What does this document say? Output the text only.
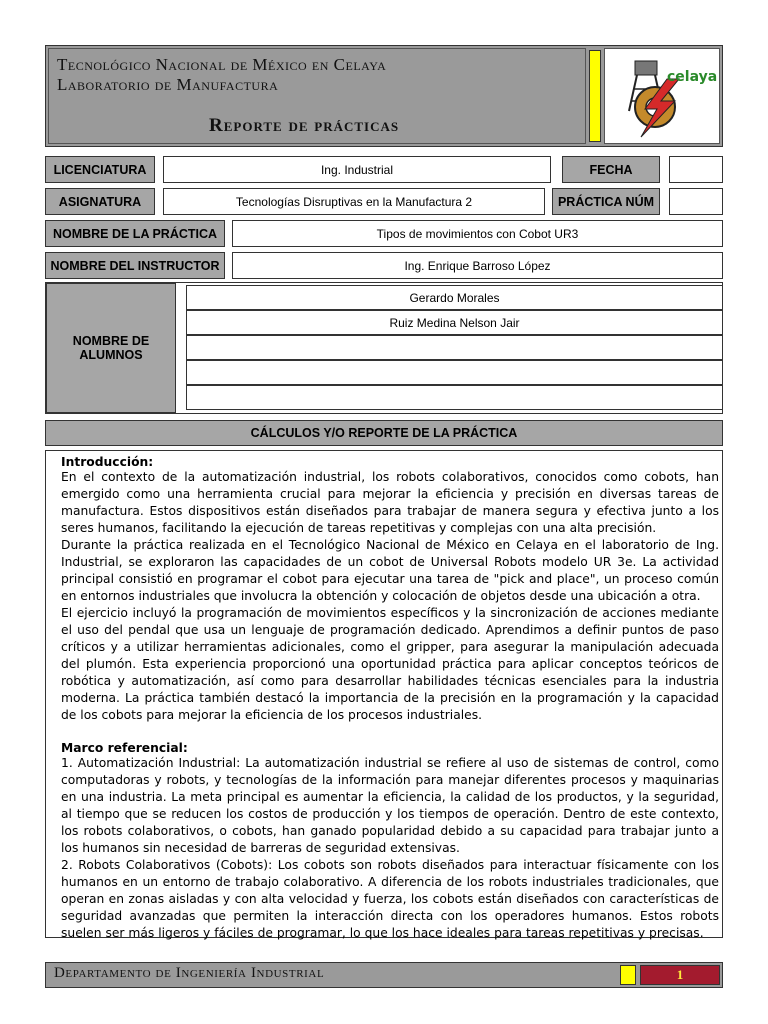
Tecnológico Nacional de México en Celaya
Laboratorio de Manufactura
Reporte de prácticas
celaya
LICENCIATURA	Ing. Industrial	FECHA
ASIGNATURA	Tecnologías Disruptivas en la Manufactura 2	PRÁCTICA NÚM
NOMBRE DE LA PRÁCTICA	Tipos de movimientos con Cobot UR3
NOMBRE DEL INSTRUCTOR	Ing. Enrique Barroso López
NOMBRE DE ALUMNOS
Gerardo Morales
Ruiz Medina Nelson Jair
CÁLCULOS Y/O REPORTE DE LA PRÁCTICA
Introducción:

En el contexto de la automatización industrial, los robots colaborativos, conocidos como cobots, han emergido como una herramienta crucial para mejorar la eficiencia y precisión en diversas tareas de manufactura. Estos dispositivos están diseñados para trabajar de manera segura y efectiva junto a los seres humanos, facilitando la ejecución de tareas repetitivas y complejas con una alta precisión.

Durante la práctica realizada en el Tecnológico Nacional de México en Celaya en el laboratorio de Ing. Industrial, se exploraron las capacidades de un cobot de Universal Robots modelo UR 3e. La actividad principal consistió en programar el cobot para ejecutar una tarea de "pick and place", un proceso común en entornos industriales que involucra la obtención y colocación de objetos desde una ubicación a otra.

El ejercicio incluyó la programación de movimientos específicos y la sincronización de acciones mediante el uso del pendal que usa un lenguaje de programación dedicado. Aprendimos a definir puntos de paso críticos y a utilizar herramientas adicionales, como el gripper, para asegurar la manipulación adecuada del plumón. Esta experiencia proporcionó una oportunidad práctica para aplicar conceptos teóricos de robótica y automatización, así como para desarrollar habilidades técnicas esenciales para la industria moderna. La práctica también destacó la importancia de la precisión en la programación y la capacidad de los cobots para mejorar la eficiencia de los procesos industriales.

Marco referencial:

1. Automatización Industrial: La automatización industrial se refiere al uso de sistemas de control, como computadoras y robots, y tecnologías de la información para manejar diferentes procesos y maquinarias en una industria. La meta principal es aumentar la eficiencia, la calidad de los productos, y la seguridad, al tiempo que se reducen los costos de producción y los tiempos de operación. Dentro de este contexto, los robots colaborativos, o cobots, han ganado popularidad debido a su capacidad para trabajar junto a los humanos sin necesidad de barreras de seguridad extensivas.

2. Robots Colaborativos (Cobots): Los cobots son robots diseñados para interactuar físicamente con los humanos en un entorno de trabajo colaborativo. A diferencia de los robots industriales tradicionales, que operan en zonas aisladas y con alta velocidad y fuerza, los cobots están diseñados con características de seguridad avanzadas que permiten la interacción directa con los operadores humanos. Estos robots suelen ser más ligeros y fáciles de programar, lo que los hace ideales para tareas repetitivas y precisas.

Departamento de Ingeniería Industrial	1
